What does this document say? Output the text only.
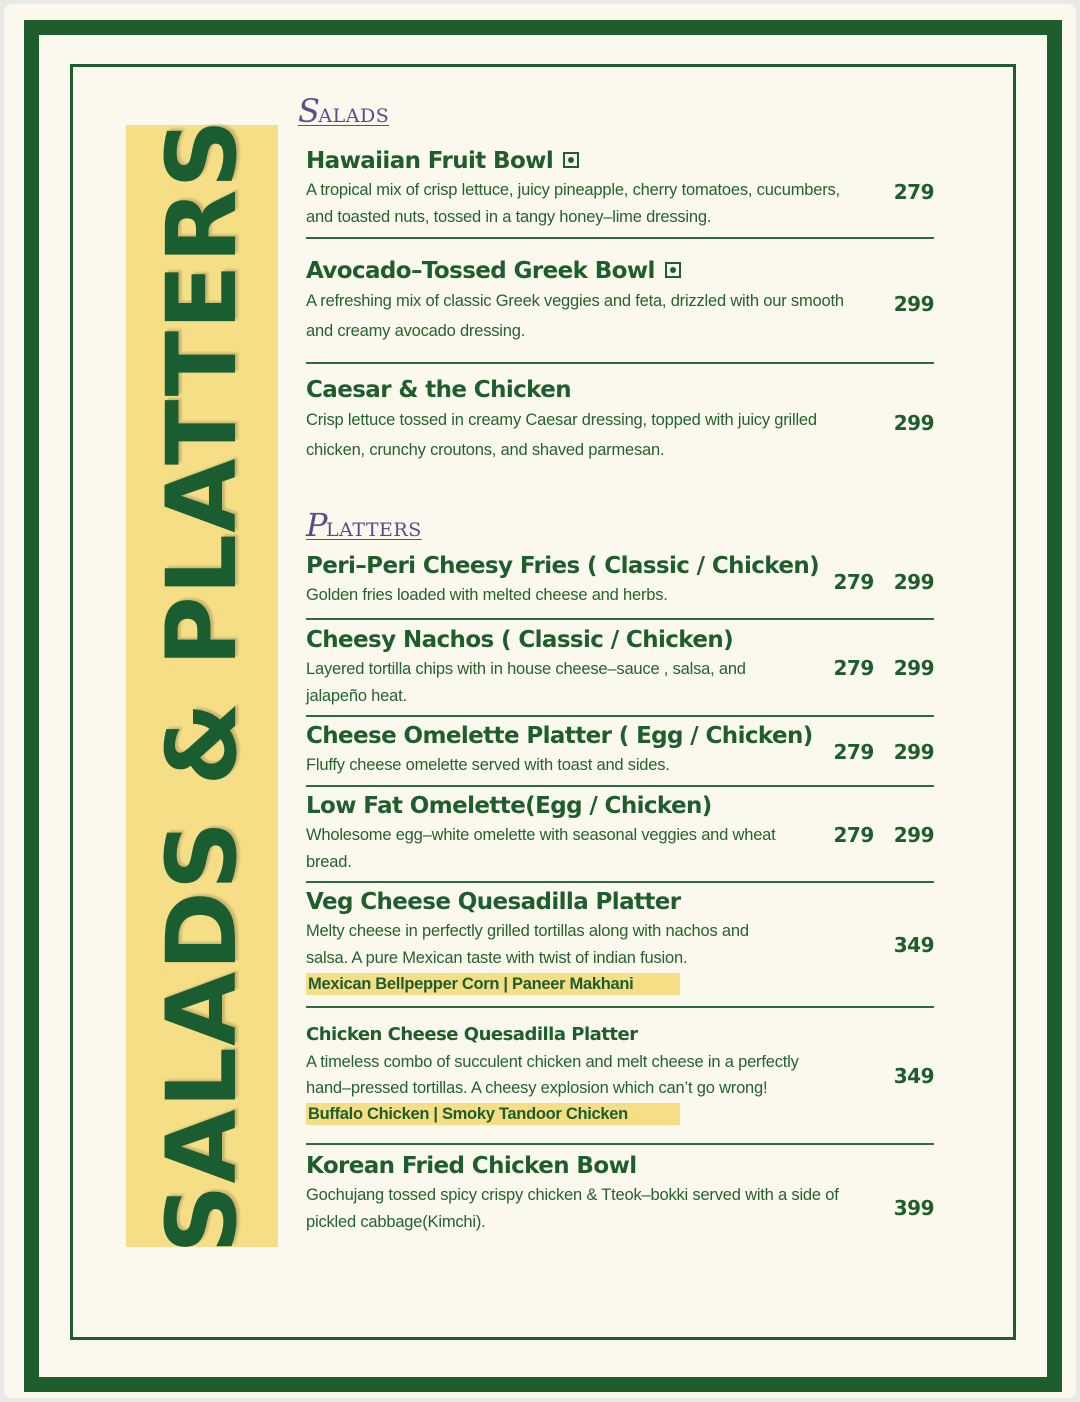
SALADS & PLATTERS
SALADS
Hawaiian Fruit Bowl
A tropical mix of crisp lettuce, juicy pineapple, cherry tomatoes, cucumbers, and toasted nuts, tossed in a tangy honey–lime dressing.
279
Avocado–Tossed Greek Bowl
A refreshing mix of classic Greek veggies and feta, drizzled with our smooth and creamy avocado dressing.
299
Caesar & the Chicken
Crisp lettuce tossed in creamy Caesar dressing, topped with juicy grilled chicken, crunchy croutons, and shaved parmesan.
299
PLATTERS
Peri–Peri Cheesy Fries ( Classic / Chicken)
Golden fries loaded with melted cheese and herbs.
279 299
Cheesy Nachos ( Classic / Chicken)
Layered tortilla chips with in house cheese–sauce , salsa, and jalapeño heat.
279 299
Cheese Omelette Platter ( Egg / Chicken)
Fluffy cheese omelette served with toast and sides.
279 299
Low Fat Omelette(Egg / Chicken)
Wholesome egg–white omelette with seasonal veggies and wheat bread.
279 299
Veg Cheese Quesadilla Platter
Melty cheese in perfectly grilled tortillas along with nachos and salsa. A pure Mexican taste with twist of indian fusion.
Mexican Bellpepper Corn | Paneer Makhani
349
Chicken Cheese Quesadilla Platter
A timeless combo of succulent chicken and melt cheese in a perfectly hand–pressed tortillas. A cheesy explosion which can’t go wrong!
Buffalo Chicken | Smoky Tandoor Chicken
349
Korean Fried Chicken Bowl
Gochujang tossed spicy crispy chicken & Tteok–bokki served with a side of pickled cabbage(Kimchi).
399
